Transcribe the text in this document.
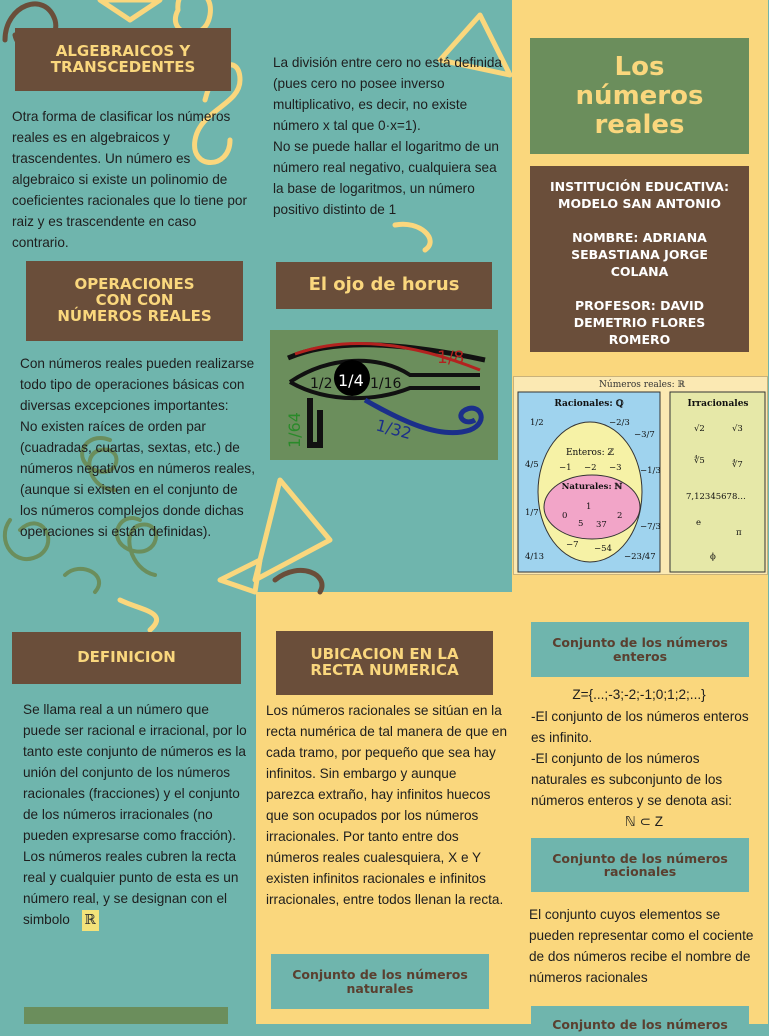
ALGEBRAICOS Y TRANSCEDENTES
Otra forma de clasificar los números reales es en algebraicos y trascendentes. Un número es algebraico si existe un polinomio de coeficientes racionales que lo tiene por raiz y es trascendente en caso contrario.
OPERACIONES CON CON NÚMEROS REALES
Con números reales pueden realizarse todo tipo de operaciones básicas con diversas excepciones importantes:
No existen raíces de orden par (cuadradas, cuartas, sextas, etc.) de números negativos en números reales, (aunque si existen en el conjunto de los números complejos donde dichas operaciones si están definidas).
La división entre cero no está definida (pues cero no posee inverso multiplicativo, es decir, no existe número x tal que 0·x=1).
No se puede hallar el logaritmo de un número real negativo, cualquiera sea la base de logaritmos, un número positivo distinto de 1
El ojo de horus
1/2 1/4
1/8
1/16
1/32
1/64
Los números reales
INSTITUCIÓN EDUCATIVA: MODELO SAN ANTONIO
NOMBRE: ADRIANA SEBASTIANA JORGE COLANA
PROFESOR: DAVID DEMETRIO FLORES ROMERO
Números reales: ℝ
Racionales: ℚ	Irracionales
Enteros: ℤ
Naturales: ℕ
1/2	−2/3
−3/7
4/5
−1/3
1/7
−7/3
4/13	−23/47
−1 −2 −3
−7 −54
0
1
5 37
2
√2	√3
∜5	∜7
7,12345678…
e
π
ϕ
DEFINICION
Se llama real a un número que puede ser racional e irracional, por lo tanto este conjunto de números es la unión del conjunto de los números racionales (fracciones) y el conjunto de los números irracionales (no pueden expresarse como fracción). Los números reales cubren la recta real y cualquier punto de esta es un número real, y se designan con el simbolo ℝ
UBICACION EN LA RECTA NUMERICA
Los números racionales se sitúan en la recta numérica de tal manera de que en cada tramo, por pequeño que sea hay infinitos. Sin embargo y aunque parezca extraño, hay infinitos huecos que son ocupados por los números irracionales. Por tanto entre dos números reales cualesquiera, X e Y existen infinitos racionales e infinitos irracionales, entre todos llenan la recta.
Conjunto de los números naturales
Conjunto de los números enteros
Z={...;-3;-2;-1;0;1;2;...}
-El conjunto de los números enteros es infinito.
-El conjunto de los números naturales es subconjunto de los números enteros y se denota asi:
ℕ ⊂ Z
Conjunto de los números racionales
El conjunto cuyos elementos se pueden representar como el cociente de dos números recibe el nombre de números racionales
Conjunto de los números
